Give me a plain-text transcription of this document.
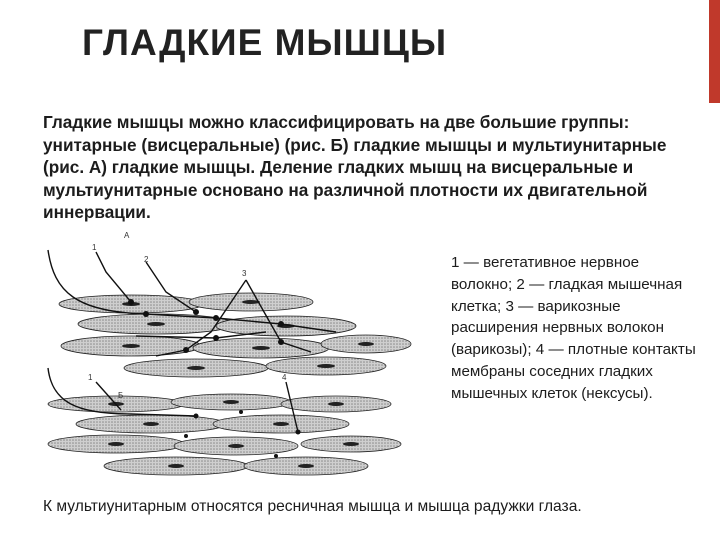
ГЛАДКИЕ МЫШЦЫ
Гладкие мышцы можно классифицировать на две большие группы: унитарные (висцеральные) (рис. Б) гладкие мышцы и мультиунитарные (рис. А) гладкие мышцы. Деление гладких мышц на висцеральные и мультиунитарные основано на различной плотности их двигательной иннервации.
А
1
2
3
1
Б
4
1 — вегетативное нервное волокно; 2 — гладкая мышечная клетка; 3 — варикозные расширения нервных волокон (варикозы); 4 — плотные контакты мембраны соседних гладких мышечных клеток (нексусы).
К мультиунитарным относятся ресничная мышца и мышца радужки глаза.
